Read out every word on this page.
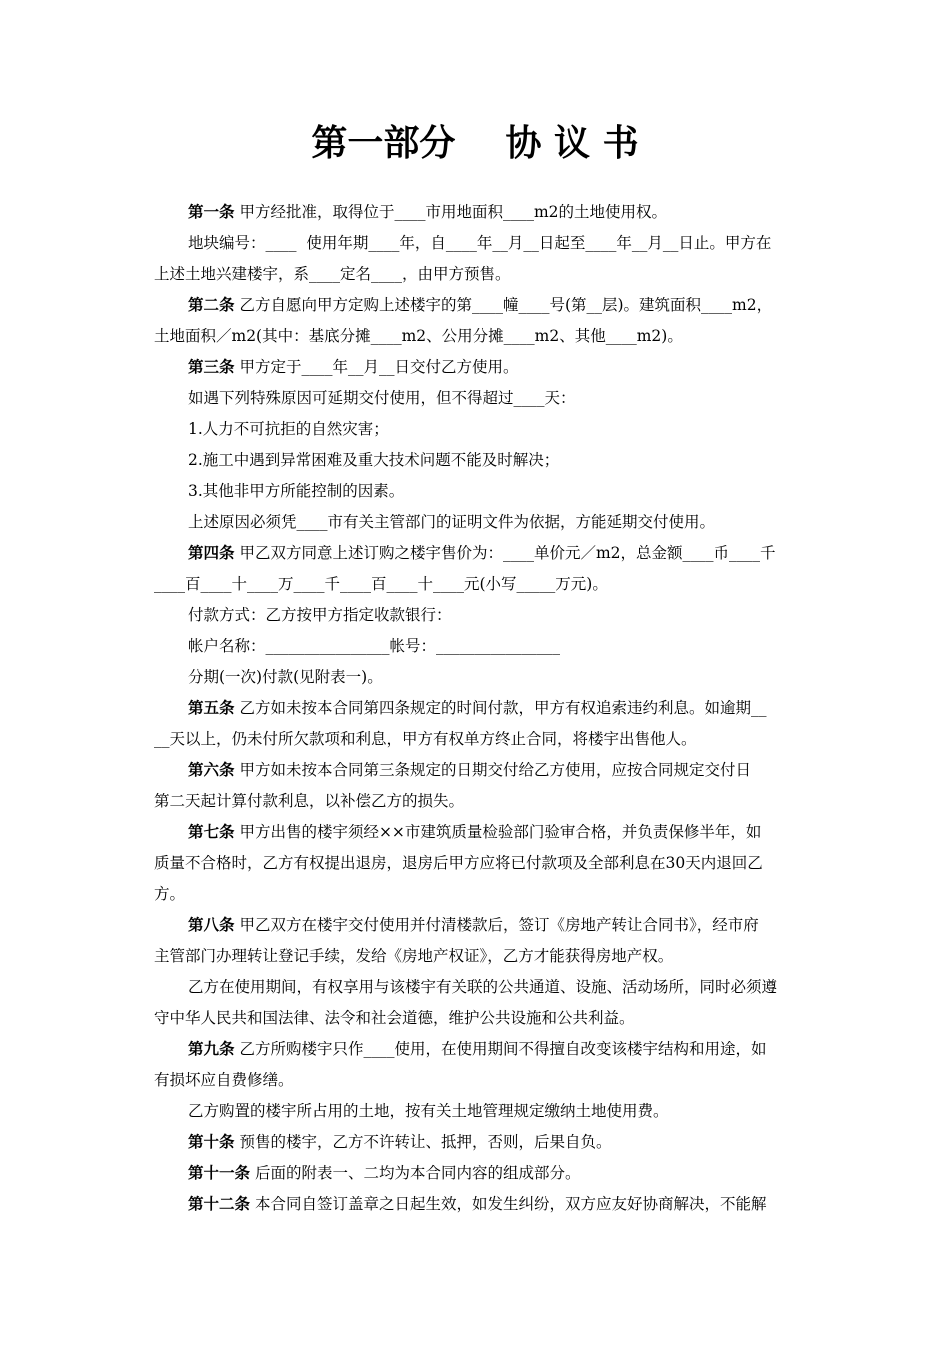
第一部分    协 议 书
第一条 甲方经批准，取得位于____市用地面积____m2的土地使用权。
地块编号：____  使用年期____年，自____年__月__日起至____年__月__日止。甲方在
上述土地兴建楼宇，系____定名____，由甲方预售。
第二条 乙方自愿向甲方定购上述楼宇的第____幢____号(第__层)。建筑面积____m2，
土地面积／m2(其中：基底分摊____m2、公用分摊____m2、其他____m2)。
第三条 甲方定于____年__月__日交付乙方使用。
如遇下列特殊原因可延期交付使用，但不得超过____天：
1.人力不可抗拒的自然灾害；
2.施工中遇到异常困难及重大技术问题不能及时解决；
3.其他非甲方所能控制的因素。
上述原因必须凭____市有关主管部门的证明文件为依据，方能延期交付使用。
第四条 甲乙双方同意上述订购之楼宇售价为：____单价元／m2，总金额____币____千
____百____十____万____千____百____十____元(小写_____万元)。
付款方式：乙方按甲方指定收款银行：
帐户名称：________________帐号：________________
分期(一次)付款(见附表一)。
第五条 乙方如未按本合同第四条规定的时间付款，甲方有权追索违约利息。如逾期__
__天以上，仍未付所欠款项和利息，甲方有权单方终止合同，将楼宇出售他人。
第六条 甲方如未按本合同第三条规定的日期交付给乙方使用，应按合同规定交付日
第二天起计算付款利息，以补偿乙方的损失。
第七条 甲方出售的楼宇须经××市建筑质量检验部门验审合格，并负责保修半年，如
质量不合格时，乙方有权提出退房，退房后甲方应将已付款项及全部利息在30天内退回乙
方。
第八条 甲乙双方在楼宇交付使用并付清楼款后，签订《房地产转让合同书》，经市府
主管部门办理转让登记手续，发给《房地产权证》，乙方才能获得房地产权。
乙方在使用期间，有权享用与该楼宇有关联的公共通道、设施、活动场所，同时必须遵
守中华人民共和国法律、法令和社会道德，维护公共设施和公共利益。
第九条 乙方所购楼宇只作____使用，在使用期间不得擅自改变该楼宇结构和用途，如
有损坏应自费修缮。
乙方购置的楼宇所占用的土地，按有关土地管理规定缴纳土地使用费。
第十条 预售的楼宇，乙方不许转让、抵押，否则，后果自负。
第十一条 后面的附表一、二均为本合同内容的组成部分。
第十二条 本合同自签订盖章之日起生效，如发生纠纷，双方应友好协商解决，不能解
